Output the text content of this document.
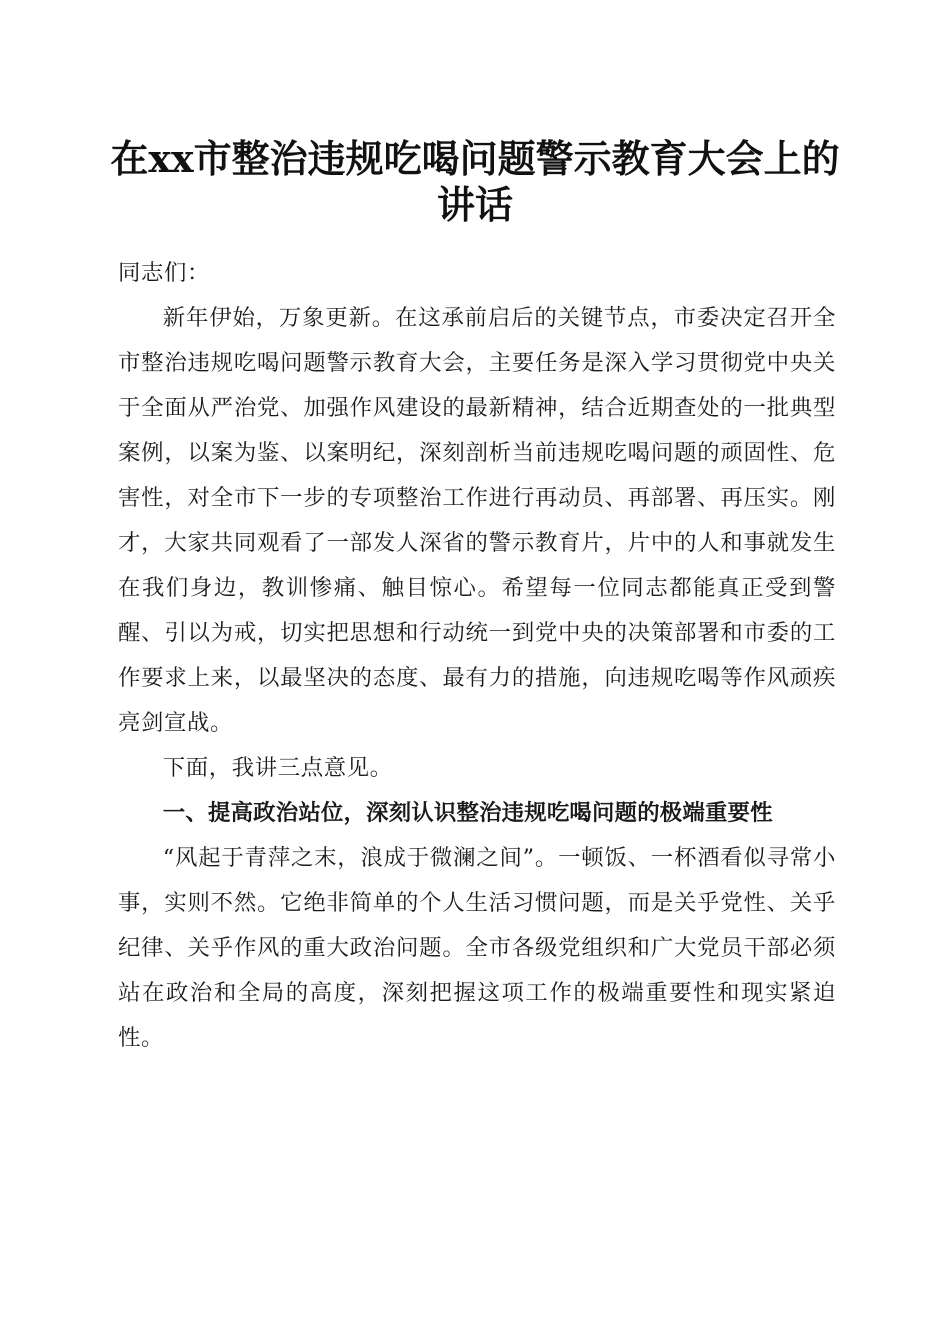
在xx市整治违规吃喝问题警示教育大会上的
讲话

同志们：

新年伊始，万象更新。在这承前启后的关键节点，市委决定召开全市整治违规吃喝问题警示教育大会，主要任务是深入学习贯彻党中央关于全面从严治党、加强作风建设的最新精神，结合近期查处的一批典型案例，以案为鉴、以案明纪，深刻剖析当前违规吃喝问题的顽固性、危害性，对全市下一步的专项整治工作进行再动员、再部署、再压实。刚才，大家共同观看了一部发人深省的警示教育片，片中的人和事就发生在我们身边，教训惨痛、触目惊心。希望每一位同志都能真正受到警醒、引以为戒，切实把思想和行动统一到党中央的决策部署和市委的工作要求上来，以最坚决的态度、最有力的措施，向违规吃喝等作风顽疾亮剑宣战。

下面，我讲三点意见。

一、提高政治站位，深刻认识整治违规吃喝问题的极端重要性

“风起于青萍之末，浪成于微澜之间”。一顿饭、一杯酒看似寻常小事，实则不然。它绝非简单的个人生活习惯问题，而是关乎党性、关乎纪律、关乎作风的重大政治问题。全市各级党组织和广大党员干部必须站在政治和全局的高度，深刻把握这项工作的极端重要性和现实紧迫性。
